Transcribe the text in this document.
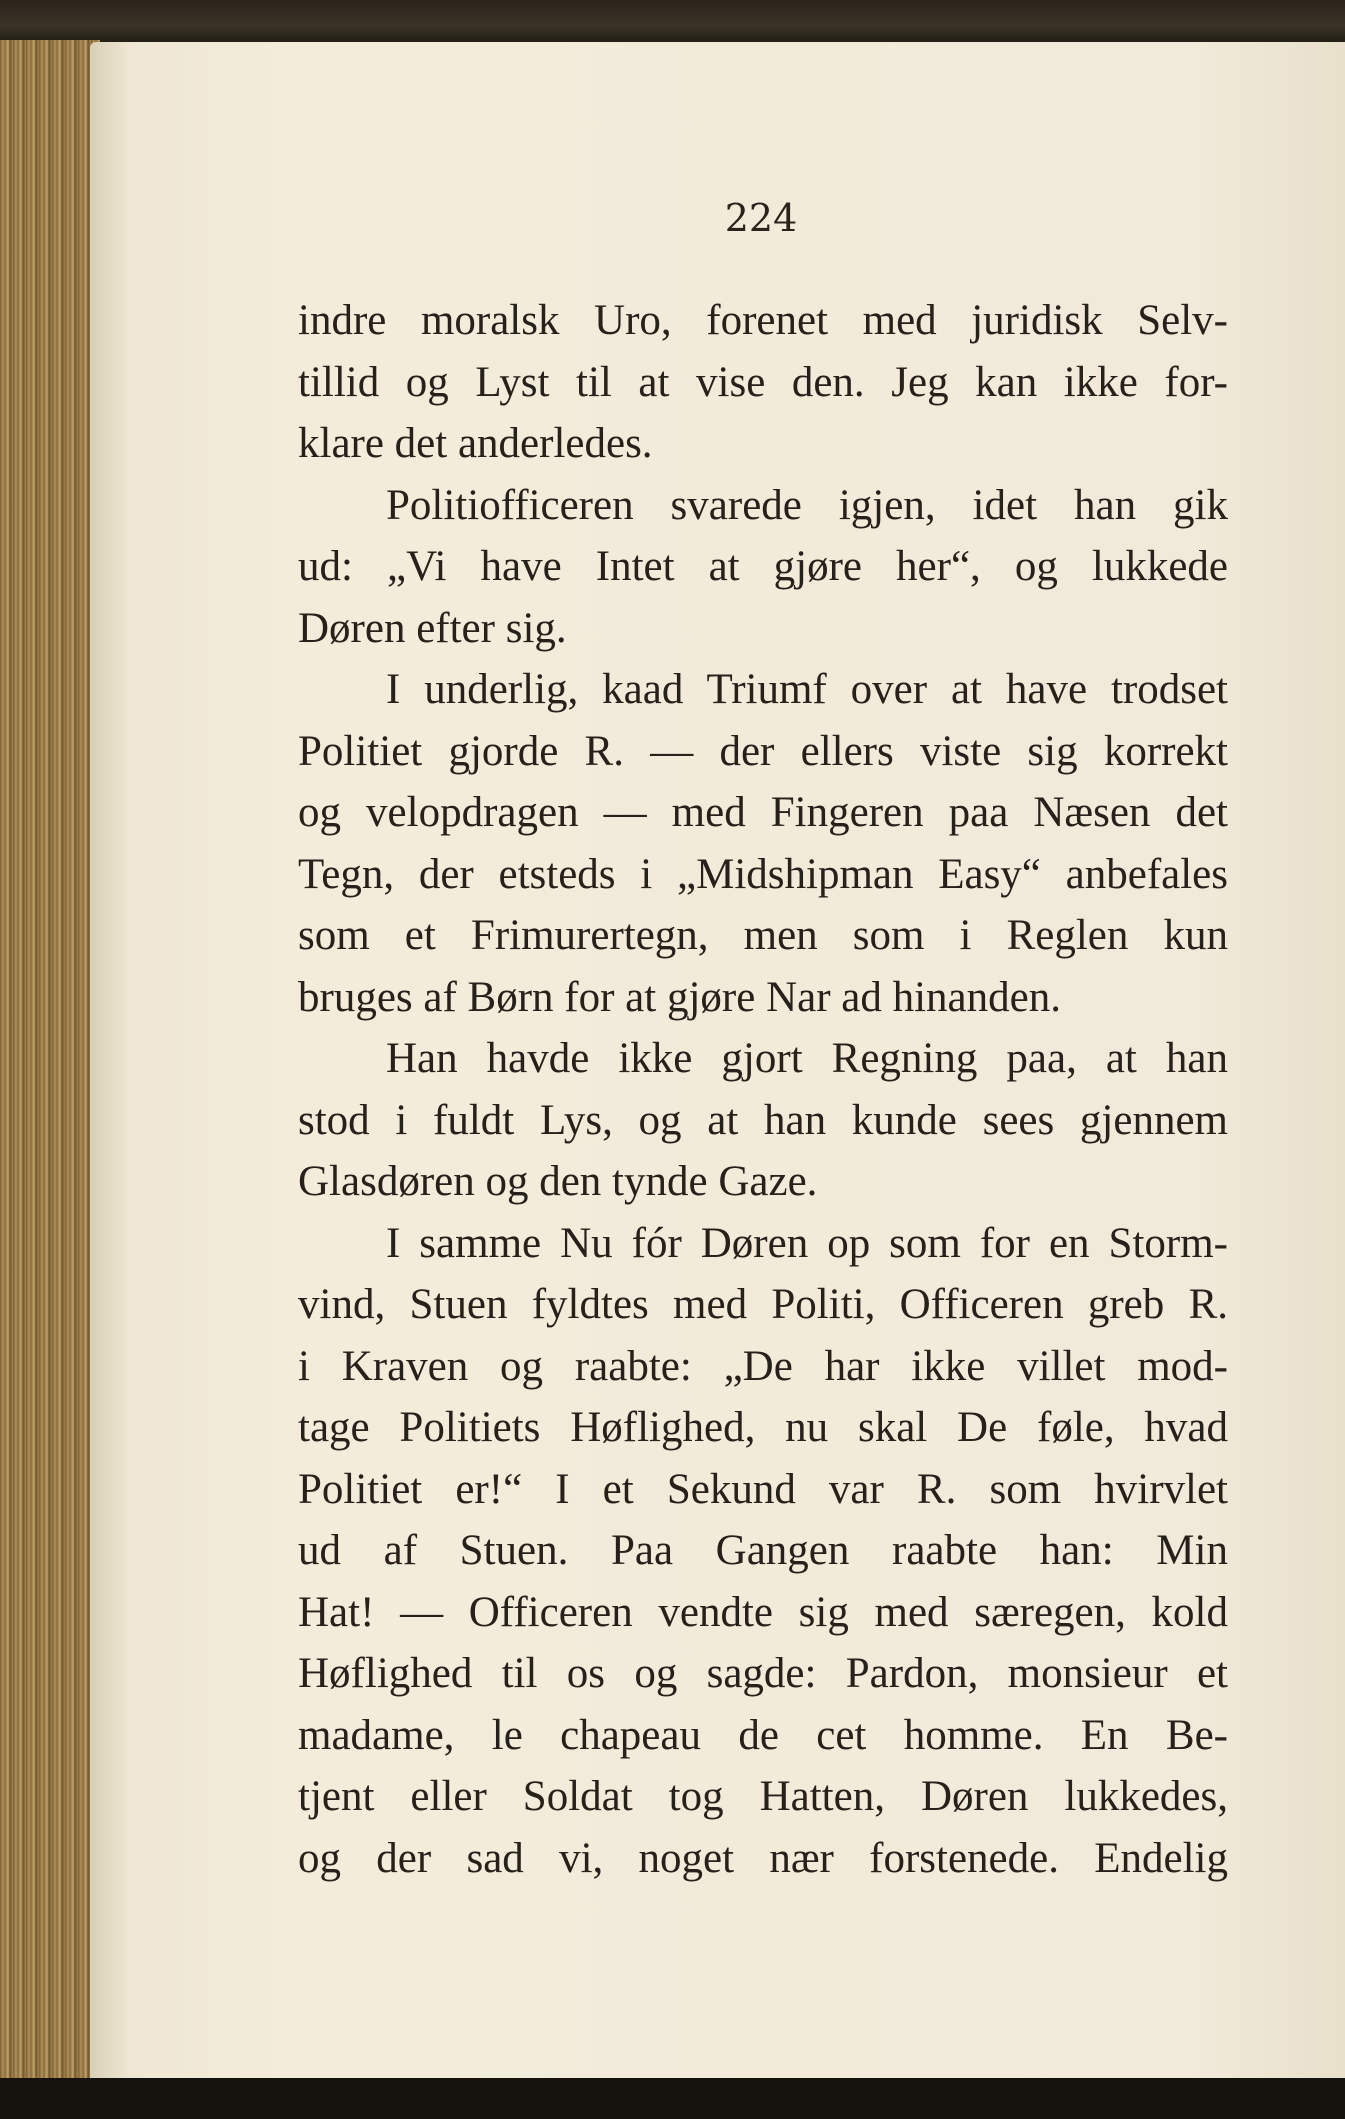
224
indre moralsk Uro, forenet med juridisk Selv-
tillid og Lyst til at vise den. Jeg kan ikke for-
klare det anderledes.
Politiofficeren svarede igjen, idet han gik
ud: „Vi have Intet at gjøre her“, og lukkede
Døren efter sig.
I underlig, kaad Triumf over at have trodset
Politiet gjorde R. — der ellers viste sig korrekt
og velopdragen — med Fingeren paa Næsen det
Tegn, der etsteds i „Midshipman Easy“ anbefales
som et Frimurertegn, men som i Reglen kun
bruges af Børn for at gjøre Nar ad hinanden.
Han havde ikke gjort Regning paa, at han
stod i fuldt Lys, og at han kunde sees gjennem
Glasdøren og den tynde Gaze.
I samme Nu fór Døren op som for en Storm-
vind, Stuen fyldtes med Politi, Officeren greb R.
i Kraven og raabte: „De har ikke villet mod-
tage Politiets Høflighed, nu skal De føle, hvad
Politiet er!“ I et Sekund var R. som hvirvlet
ud af Stuen. Paa Gangen raabte han: Min
Hat! — Officeren vendte sig med særegen, kold
Høflighed til os og sagde: Pardon, monsieur et
madame, le chapeau de cet homme. En Be-
tjent eller Soldat tog Hatten, Døren lukkedes,
og der sad vi, noget nær forstenede. Endelig
